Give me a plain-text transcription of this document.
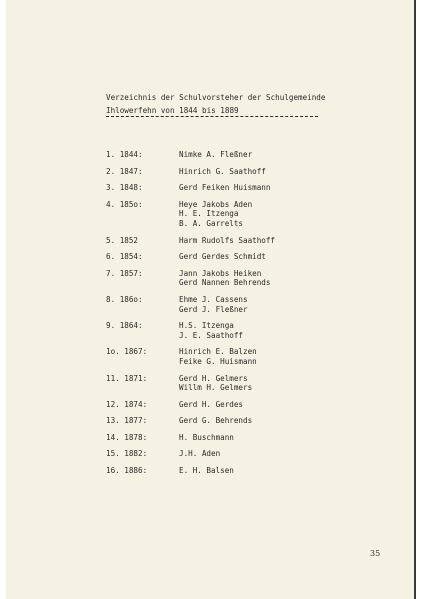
Verzeichnis der Schulvorsteher der Schulgemeinde
Ihlowerfehn von 1844 bis 1889
1. 1844:	Nimke A. Fleßner
2. 1847:	Hinrich G. Saathoff
3. 1848:	Gerd Feiken Huismann
4. 185o:	Heye Jakobs Aden
H. E. Itzenga
B. A. Garrelts
5. 1852	Harm Rudolfs Saathoff
6. 1854:	Gerd Gerdes Schmidt
7. 1857:	Jann Jakobs Heiken
Gerd Nannen Behrends
8. 186o:	Ehme J. Cassens
Gerd J. Fleßner
9. 1864:	H.S. Itzenga
J. E. Saathoff
1o. 1867:	Hinrich E. Balzen
Feike G. Huismann
11. 1871:	Gerd H. Gelmers
Willm H. Gelmers
12. 1874:	Gerd H. Gerdes
13. 1877:	Gerd G. Behrends
14. 1878:	H. Buschmann
15. 1882:	J.H. Aden
16. 1886:	E. H. Balsen
35
